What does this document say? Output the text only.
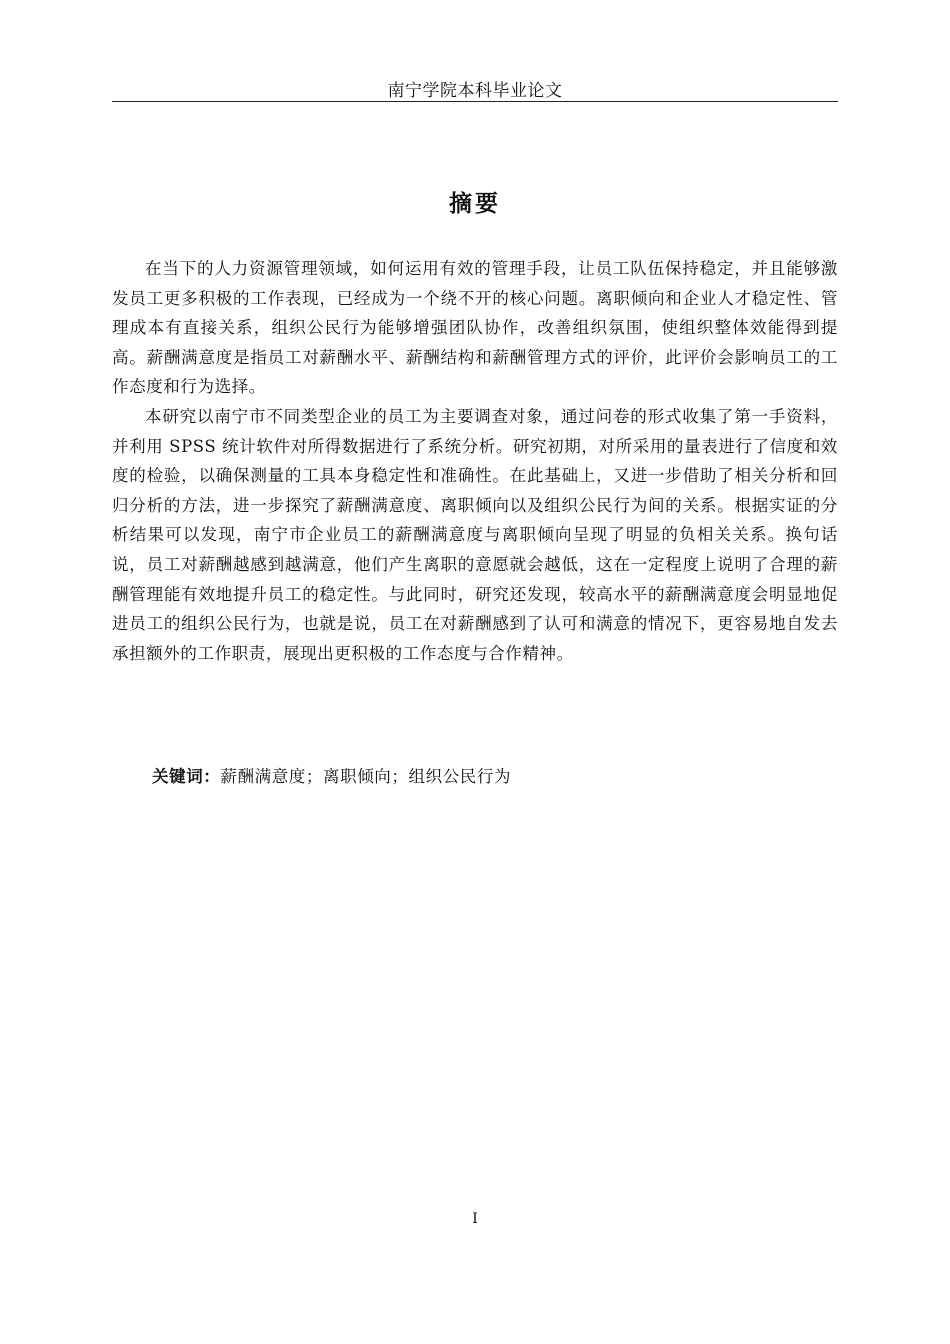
南宁学院本科毕业论文
摘要

在当下的人力资源管理领域，如何运用有效的管理手段，让员工队伍保持稳定，并且能够激发员工更多积极的工作表现，已经成为一个绕不开的核心问题。离职倾向和企业人才稳定性、管理成本有直接关系，组织公民行为能够增强团队协作，改善组织氛围，使组织整体效能得到提高。薪酬满意度是指员工对薪酬水平、薪酬结构和薪酬管理方式的评价，此评价会影响员工的工作态度和行为选择。

本研究以南宁市不同类型企业的员工为主要调查对象，通过问卷的形式收集了第一手资料，并利用 SPSS 统计软件对所得数据进行了系统分析。研究初期，对所采用的量表进行了信度和效度的检验，以确保测量的工具本身稳定性和准确性。在此基础上，又进一步借助了相关分析和回归分析的方法，进一步探究了薪酬满意度、离职倾向以及组织公民行为间的关系。根据实证的分析结果可以发现，南宁市企业员工的薪酬满意度与离职倾向呈现了明显的负相关关系。换句话说，员工对薪酬越感到越满意，他们产生离职的意愿就会越低，这在一定程度上说明了合理的薪酬管理能有效地提升员工的稳定性。与此同时，研究还发现，较高水平的薪酬满意度会明显地促进员工的组织公民行为，也就是说，员工在对薪酬感到了认可和满意的情况下，更容易地自发去承担额外的工作职责，展现出更积极的工作态度与合作精神。

关键词：薪酬满意度；离职倾向；组织公民行为
I
